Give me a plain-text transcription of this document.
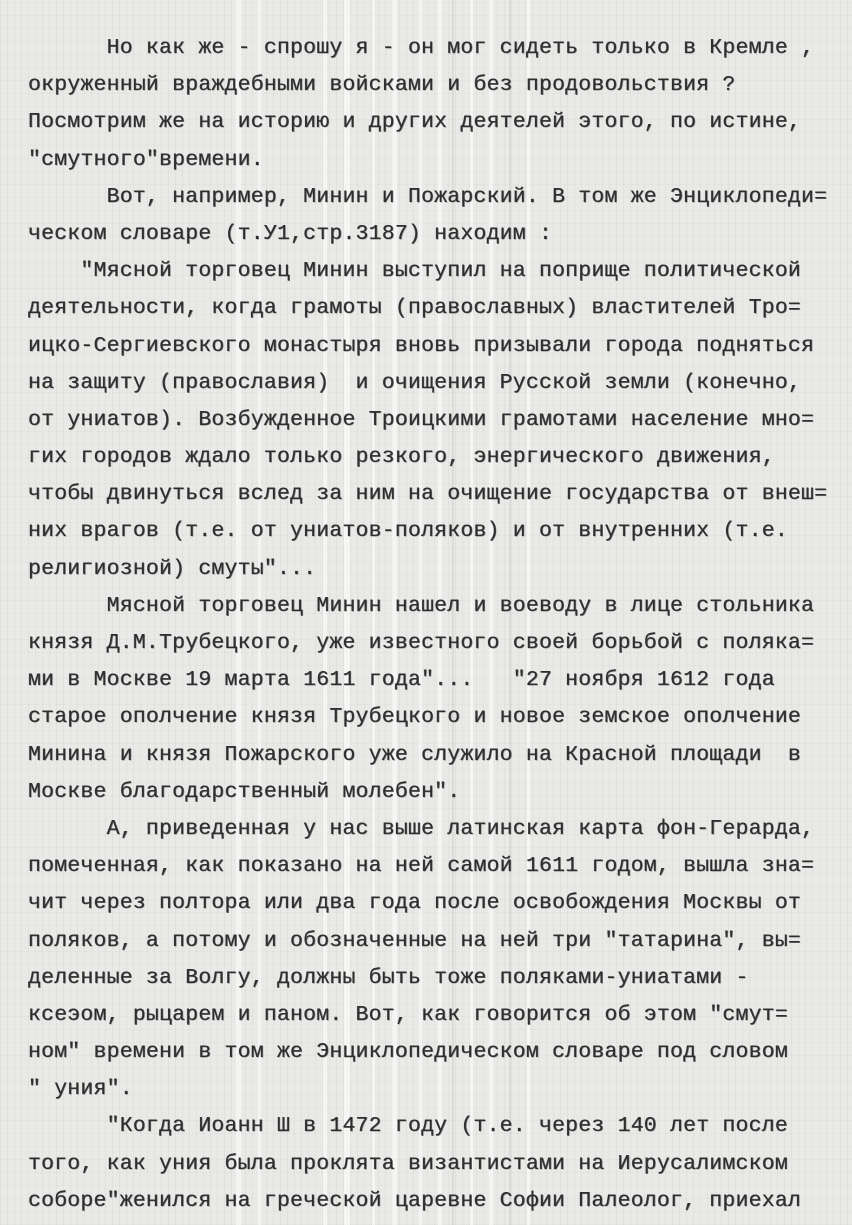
Но как же - спрошу я - он мог сидеть только в Кремле ,
окруженный враждебными войсками и без продовольствия ?
Посмотрим же на историю и других деятелей этого, по истине,
"смутного"времени.
Вот, например, Минин и Пожарский. В том же Энциклопеди=
ческом словаре (т.У1,стр.3187) находим :
"Мясной торговец Минин выступил на поприще политической
деятельности, когда грамоты (православных) властителей Тро=
ицко-Сергиевского монастыря вновь призывали города подняться
на защиту (православия)  и очищения Русской земли (конечно,
от униатов). Возбужденное Троицкими грамотами население мно=
гих городов ждало только резкого, энергического движения,
чтобы двинуться вслед за ним на очищение государства от внеш=
них врагов (т.е. от униатов-поляков) и от внутренних (т.е.
религиозной) смуты"...
Мясной торговец Минин нашел и воеводу в лице стольника
князя Д.М.Трубецкого, уже известного своей борьбой с поляка=
ми в Москве 19 марта 1611 года"...   "27 ноября 1612 года
старое ополчение князя Трубецкого и новое земское ополчение
Минина и князя Пожарского уже служило на Красной площади  в
Москве благодарственный молебен".
А, приведенная у нас выше латинская карта фон-Герарда,
помеченная, как показано на ней самой 1611 годом, вышла зна=
чит через полтора или два года после освобождения Москвы от
поляков, а потому и обозначенные на ней три "татарина", вы=
деленные за Волгу, должны быть тоже поляками-униатами -
ксеэом, рыцарем и паном. Вот, как говорится об этом "смут=
ном" времени в том же Энциклопедическом словаре под словом
" уния".
"Когда Иоанн Ш в 1472 году (т.е. через 140 лет после
того, как уния была проклята византистами на Иерусалимском
соборе"женился на греческой царевне Софии Палеолог, приехал
